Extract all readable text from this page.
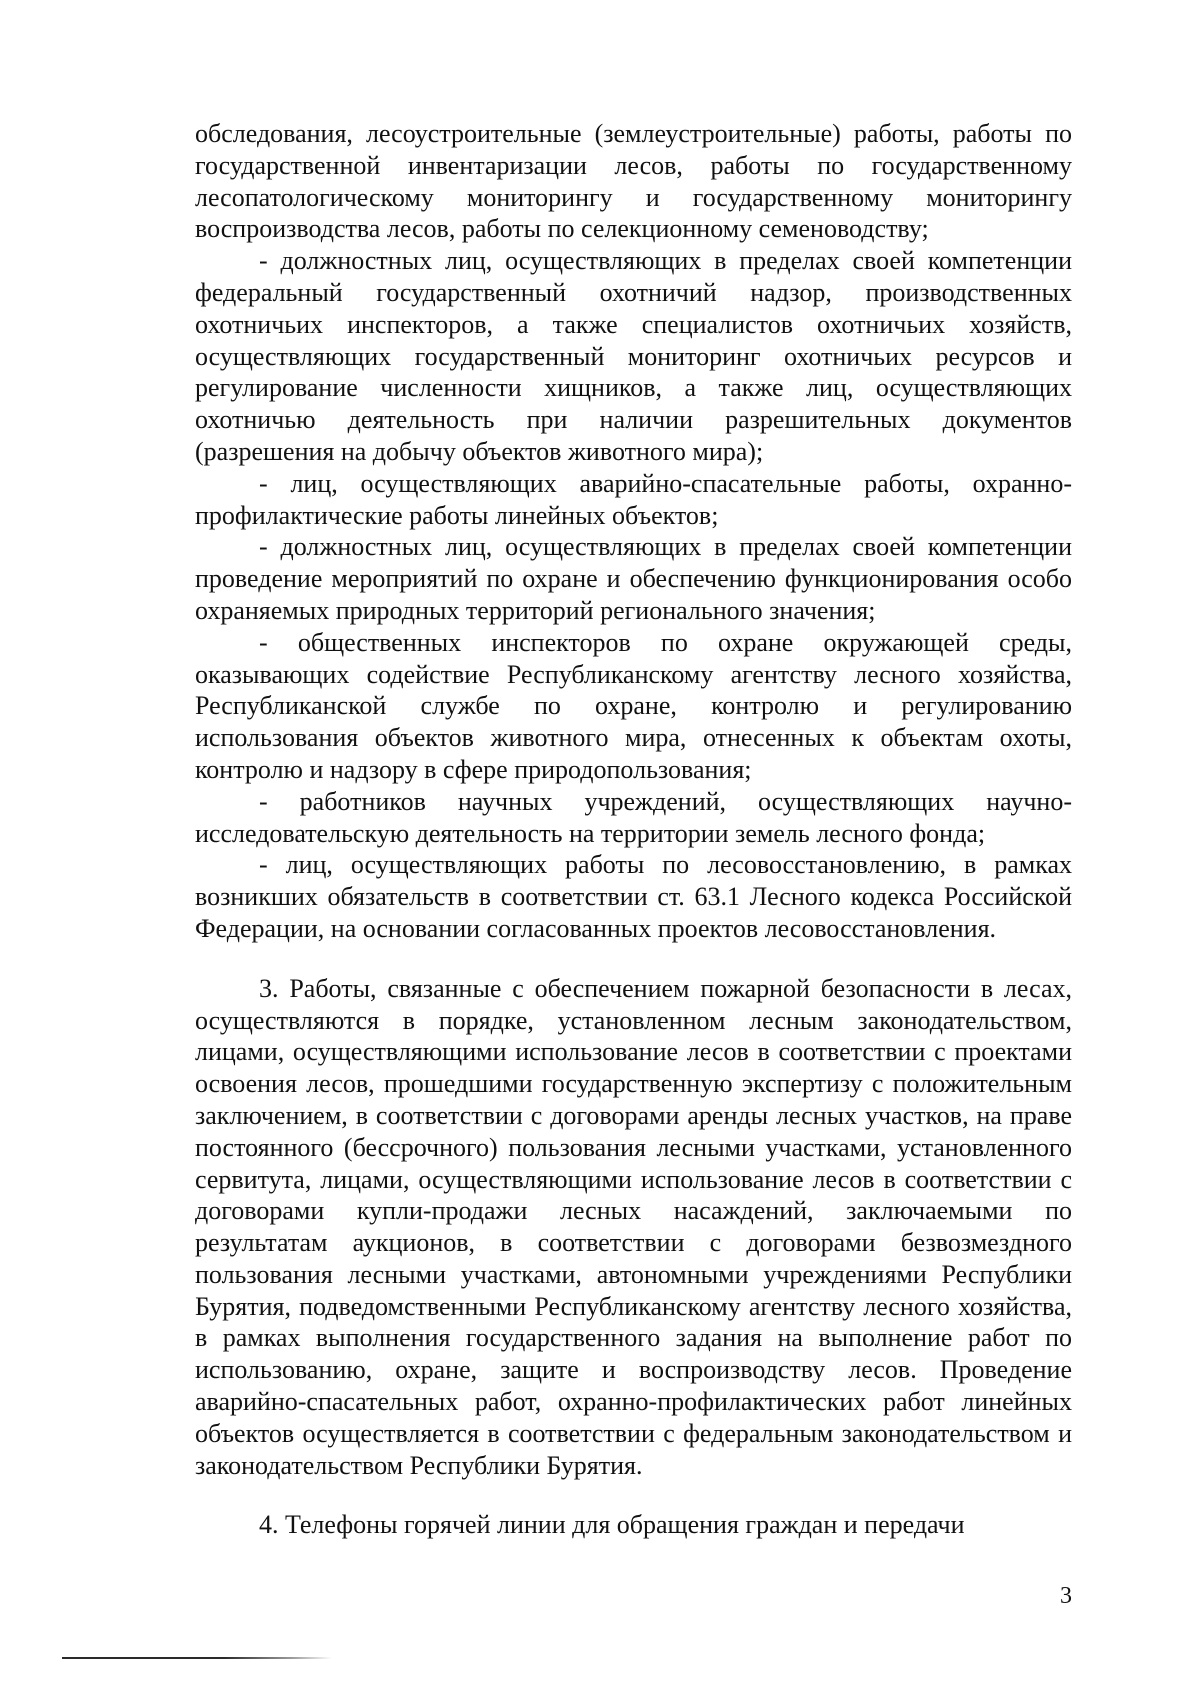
обследования, лесоустроительные (землеустроительные) работы, работы по государственной инвентаризации лесов, работы по государственному лесопатологическому мониторингу и государственному мониторингу воспроизводства лесов, работы по селекционному семеноводству;

- должностных лиц, осуществляющих в пределах своей компетенции федеральный государственный охотничий надзор, производственных охотничьих инспекторов, а также специалистов охотничьих хозяйств, осуществляющих государственный мониторинг охотничьих ресурсов и регулирование численности хищников, а также лиц, осуществляющих охотничью деятельность при наличии разрешительных документов (разрешения на добычу объектов животного мира);

- лиц, осуществляющих аварийно-спасательные работы, охранно-профилактические работы линейных объектов;

- должностных лиц, осуществляющих в пределах своей компетенции проведение мероприятий по охране и обеспечению функционирования особо охраняемых природных территорий регионального значения;

- общественных инспекторов по охране окружающей среды, оказывающих содействие Республиканскому агентству лесного хозяйства, Республиканской службе по охране, контролю и регулированию использования объектов животного мира, отнесенных к объектам охоты, контролю и надзору в сфере природопользования;

- работников научных учреждений, осуществляющих научно-исследовательскую деятельность на территории земель лесного фонда;

- лиц, осуществляющих работы по лесовосстановлению, в рамках возникших обязательств в соответствии ст. 63.1 Лесного кодекса Российской Федерации, на основании согласованных проектов лесовосстановления.

3. Работы, связанные с обеспечением пожарной безопасности в лесах, осуществляются в порядке, установленном лесным законодательством, лицами, осуществляющими использование лесов в соответствии с проектами освоения лесов, прошедшими государственную экспертизу с положительным заключением, в соответствии с договорами аренды лесных участков, на праве постоянного (бессрочного) пользования лесными участками, установленного сервитута, лицами, осуществляющими использование лесов в соответствии с договорами купли-продажи лесных насаждений, заключаемыми по результатам аукционов, в соответствии с договорами безвозмездного пользования лесными участками, автономными учреждениями Республики Бурятия, подведомственными Республиканскому агентству лесного хозяйства, в рамках выполнения государственного задания на выполнение работ по использованию, охране, защите и воспроизводству лесов. Проведение аварийно-спасательных работ, охранно-профилактических работ линейных объектов осуществляется в соответствии с федеральным законодательством и законодательством Республики Бурятия.

4. Телефоны горячей линии для обращения граждан и передачи

3
